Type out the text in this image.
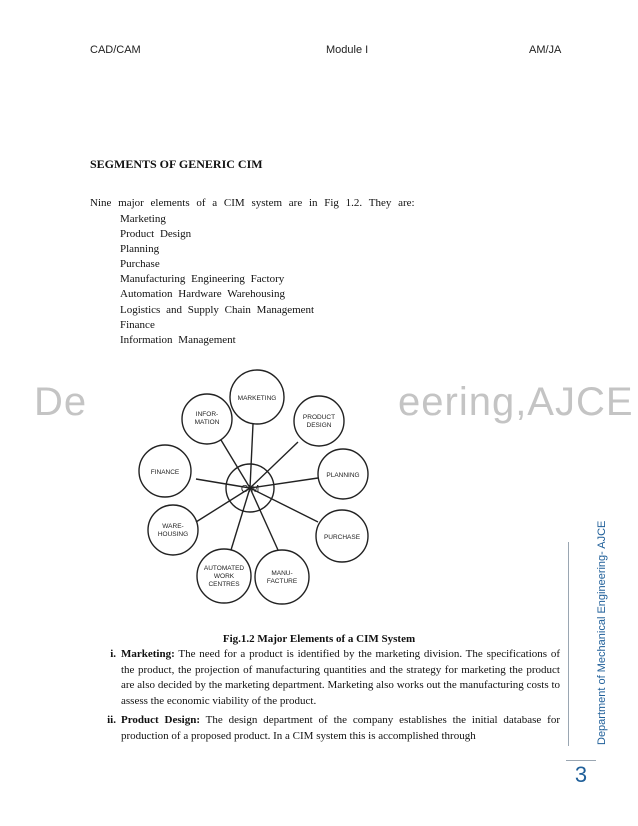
CAD/CAM	Module I	AM/JA
De	eering,AJCE
SEGMENTS OF GENERIC CIM
Nine major elements of a CIM system are in Fig 1.2. They are:
Marketing
Product Design
Planning
Purchase
Manufacturing Engineering Factory
Automation Hardware Warehousing
Logistics and Supply Chain Management
Finance
Information Management
CIM
MARKETING
PRODUCT
DESIGN
PLANNING
PURCHASE
MANU-
FACTURE
AUTOMATED
WORK
CENTRES
WARE-
HOUSING
FINANCE
INFOR-
MATION
Fig.1.2 Major Elements of a CIM System
i. Marketing: The need for a product is identified by the marketing division. The specifications of the product, the projection of manufacturing quantities and the strategy for marketing the product are also decided by the marketing department. Marketing also works out the manufacturing costs to assess the economic viability of the product.
ii. Product Design: The design department of the company establishes the initial database for production of a proposed product. In a CIM system this is accomplished through	Department of Mechanical Engineering- AJCE
3
